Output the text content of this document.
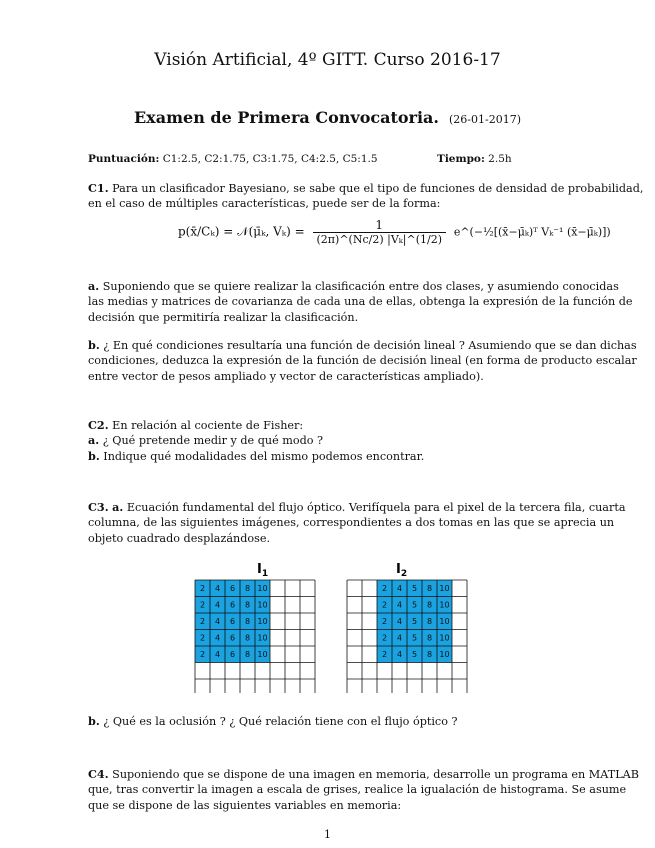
Visión Artificial, 4º GITT. Curso 2016-17
Examen de Primera Convocatoria. (26-01-2017)
Puntuación: C1:2.5, C2:1.75, C3:1.75, C4:2.5, C5:1.5	Tiempo: 2.5h
C1. Para un clasificador Bayesiano, se sabe que el tipo de funciones de densidad de probabilidad,
en el caso de múltiples características, puede ser de la forma:
p(x̄/Cₖ) = 𝒩(μ̄ₖ, $V_k) = \frac{1}{\text{(2π)\textasciicircum{}(Nc/2) |Vₖ|\textasciicircum{}(1/2)}}$ e^(−½[(x̄−μ̄ₖ)ᵀ Vₖ⁻¹ (x̄−μ̄ₖ)])
a. Suponiendo que se quiere realizar la clasificación entre dos clases, y asumiendo conocidas
las medias y matrices de covarianza de cada una de ellas, obtenga la expresión de la función de
decisión que permitiría realizar la clasificación.
b. ¿ En qué condiciones resultaría una función de decisión lineal ? Asumiendo que se dan dichas
condiciones, deduzca la expresión de la función de decisión lineal (en forma de producto escalar
entre vector de pesos ampliado y vector de características ampliado).
C2. En relación al cociente de Fisher:
a. ¿ Qué pretende medir y de qué modo ?
b. Indique qué modalidades del mismo podemos encontrar.
C3. a. Ecuación fundamental del flujo óptico. Verifíquela para el pixel de la tercera fila, cuarta
columna, de las siguientes imágenes, correspondientes a dos tomas en las que se aprecia un
objeto cuadrado desplazándose.
$I_1$	$I_2$
2 4 6 8 10
2 4 6 8 10
2 4 6 8 10
2 4 6 8 10
2 4 6 8 10
2 4 5 8 10
2 4 5 8 10
2 4 5 8 10
2 4 5 8 10
2 4 5 8 10
b. ¿ Qué es la oclusión ? ¿ Qué relación tiene con el flujo óptico ?
C4. Suponiendo que se dispone de una imagen en memoria, desarrolle un programa en MATLAB
que, tras convertir la imagen a escala de grises, realice la igualación de histograma. Se asume
que se dispone de las siguientes variables en memoria:
1
